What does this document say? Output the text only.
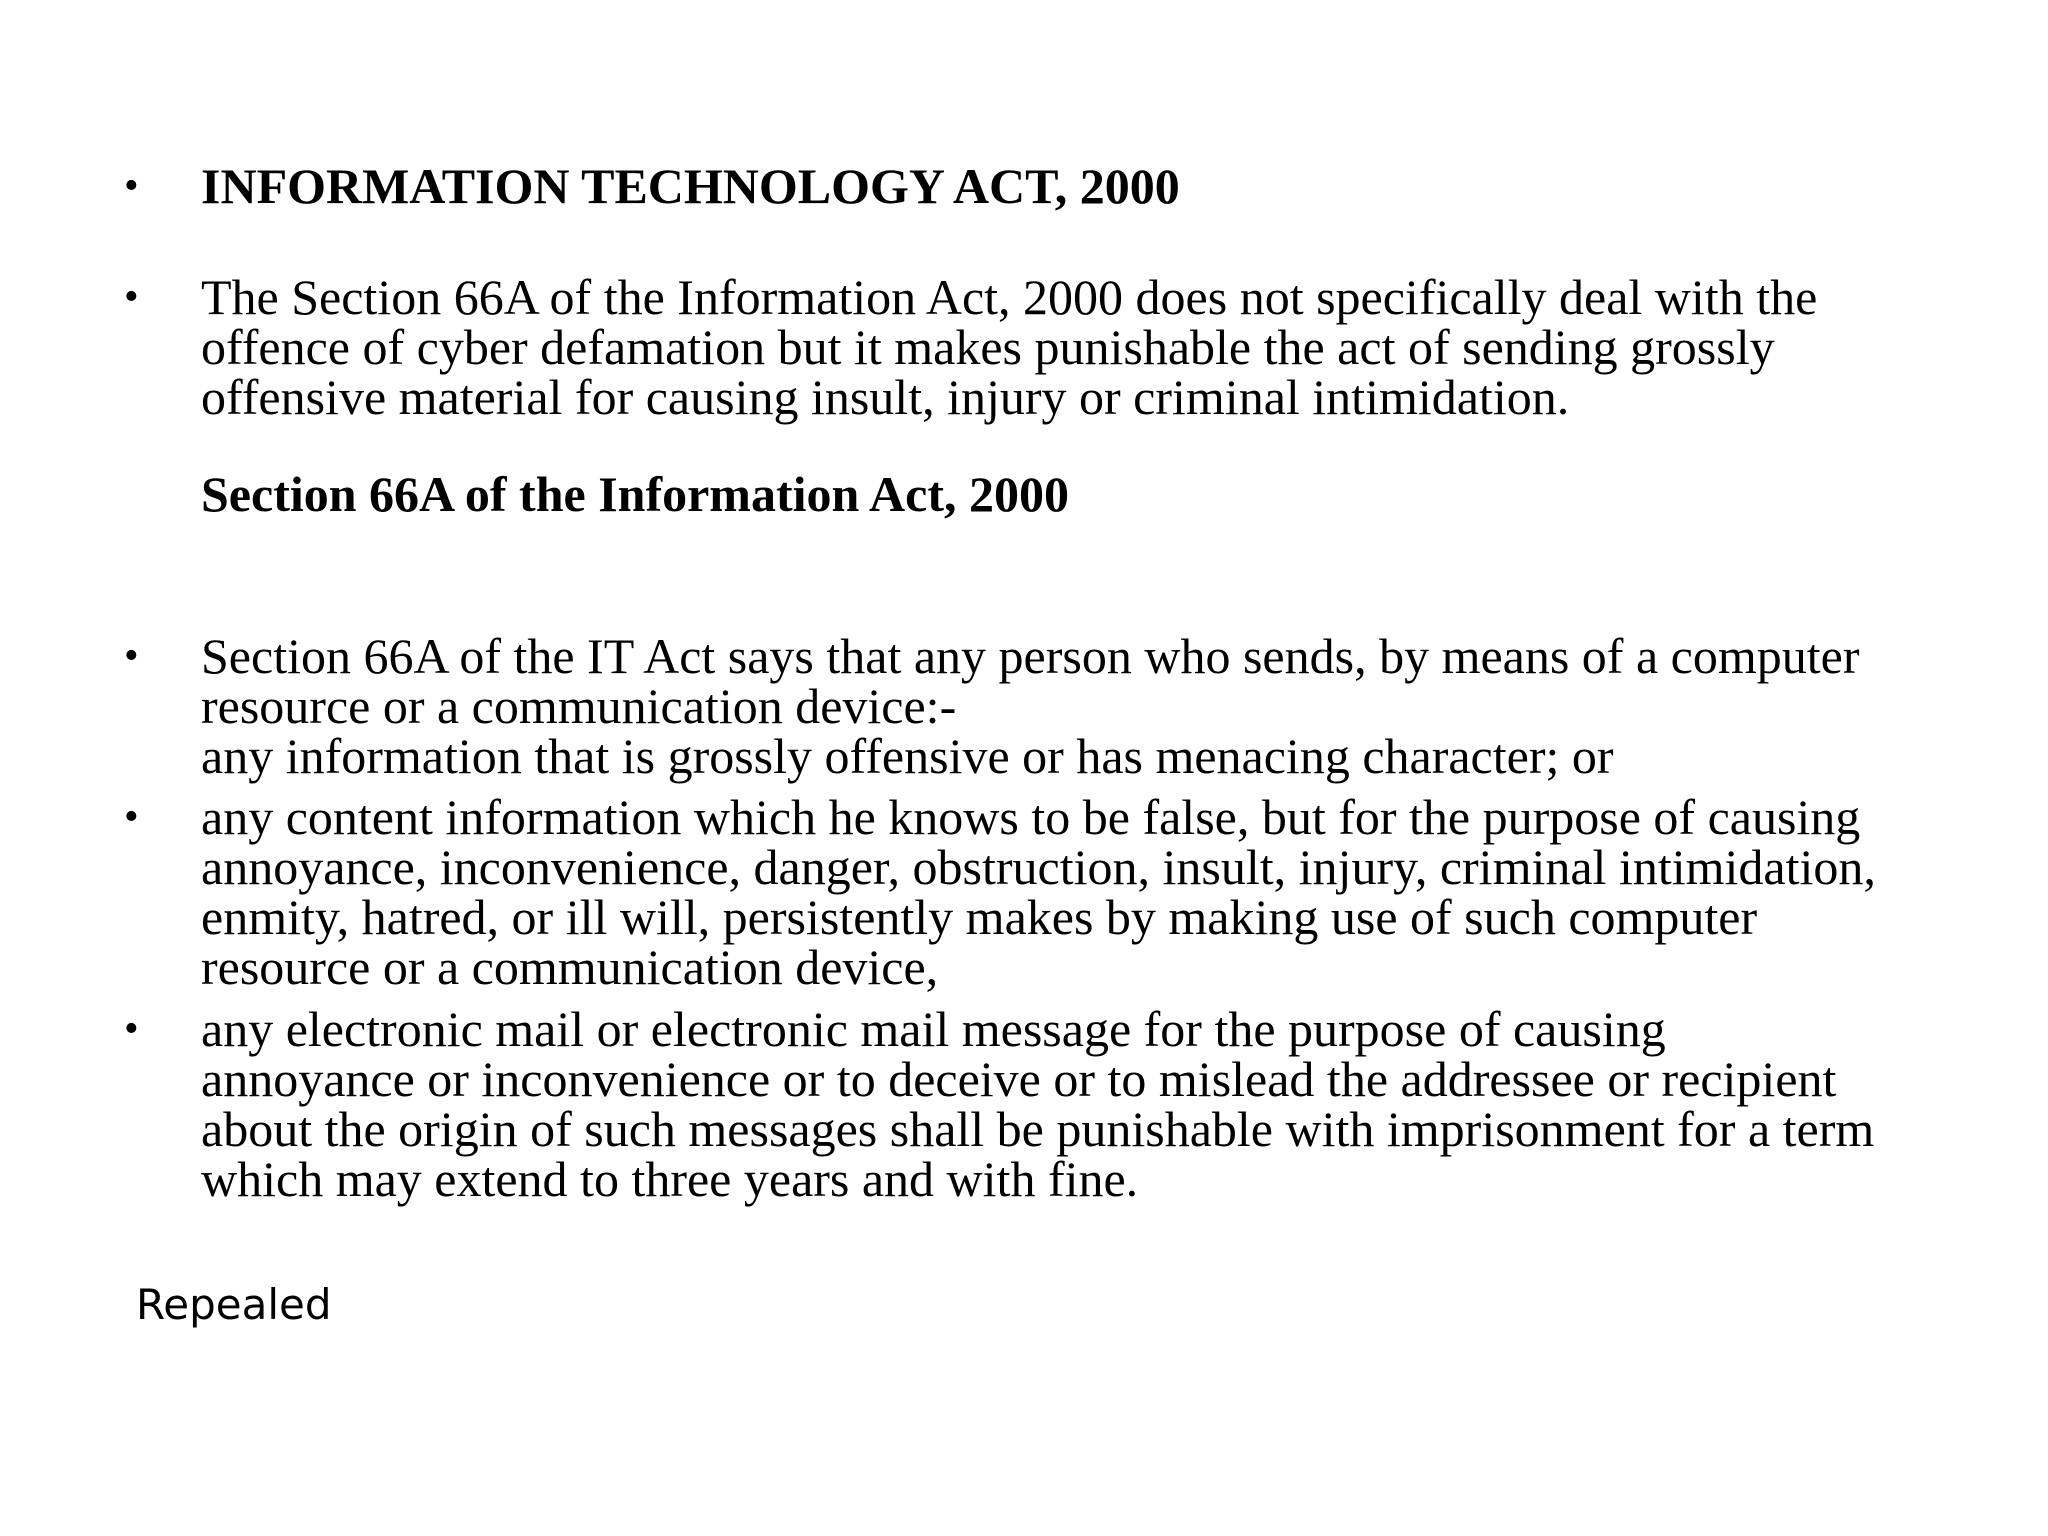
• INFORMATION TECHNOLOGY ACT, 2000
• The Section 66A of the Information Act, 2000 does not specifically deal with the
offence of cyber defamation but it makes punishable the act of sending grossly
offensive material for causing insult, injury or criminal intimidation.
Section 66A of the Information Act, 2000
• Section 66A of the IT Act says that any person who sends, by means of a computer
resource or a communication device:-
any information that is grossly offensive or has menacing character; or
• any content information which he knows to be false, but for the purpose of causing
annoyance, inconvenience, danger, obstruction, insult, injury, criminal intimidation,
enmity, hatred, or ill will, persistently makes by making use of such computer
resource or a communication device,
• any electronic mail or electronic mail message for the purpose of causing
annoyance or inconvenience or to deceive or to mislead the addressee or recipient
about the origin of such messages shall be punishable with imprisonment for a term
which may extend to three years and with fine.
Repealed
